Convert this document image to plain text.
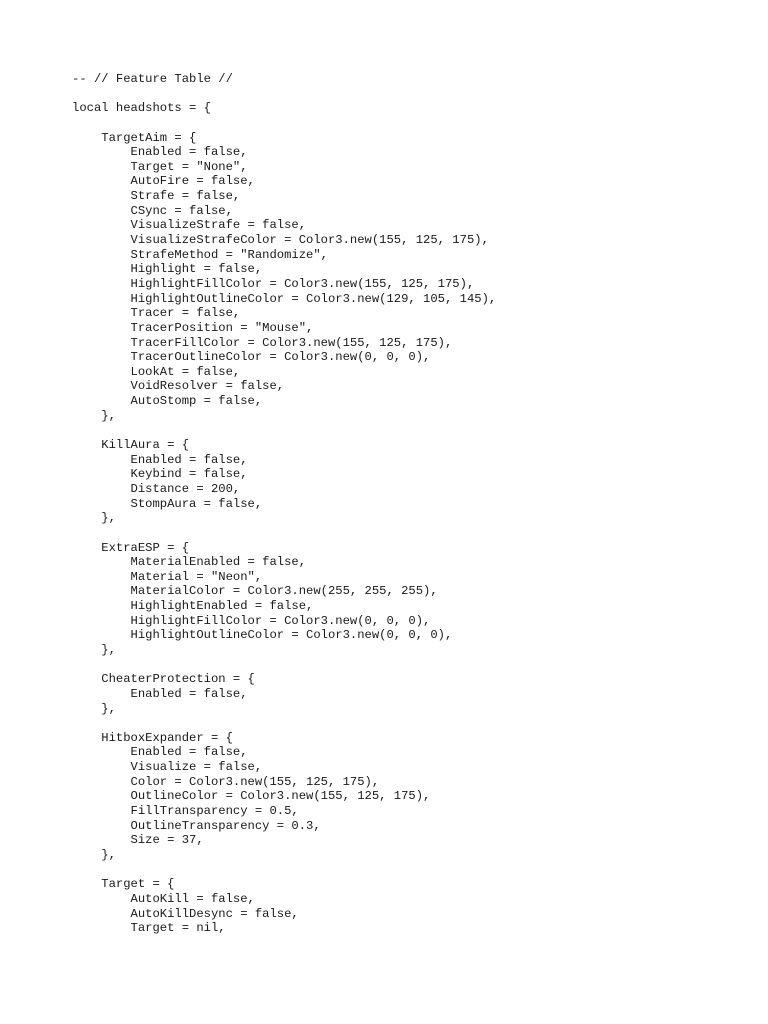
-- // Feature Table //
local headshots = {
TargetAim = {
Enabled = false,
Target = "None",
AutoFire = false,
Strafe = false,
CSync = false,
VisualizeStrafe = false,
VisualizeStrafeColor = Color3.new(155, 125, 175),
StrafeMethod = "Randomize",
Highlight = false,
HighlightFillColor = Color3.new(155, 125, 175),
HighlightOutlineColor = Color3.new(129, 105, 145),
Tracer = false,
TracerPosition = "Mouse",
TracerFillColor = Color3.new(155, 125, 175),
TracerOutlineColor = Color3.new(0, 0, 0),
LookAt = false,
VoidResolver = false,
AutoStomp = false,
},
KillAura = {
Enabled = false,
Keybind = false,
Distance = 200,
StompAura = false,
},
ExtraESP = {
MaterialEnabled = false,
Material = "Neon",
MaterialColor = Color3.new(255, 255, 255),
HighlightEnabled = false,
HighlightFillColor = Color3.new(0, 0, 0),
HighlightOutlineColor = Color3.new(0, 0, 0),
},
CheaterProtection = {
Enabled = false,
},
HitboxExpander = {
Enabled = false,
Visualize = false,
Color = Color3.new(155, 125, 175),
OutlineColor = Color3.new(155, 125, 175),
FillTransparency = 0.5,
OutlineTransparency = 0.3,
Size = 37,
},
Target = {
AutoKill = false,
AutoKillDesync = false,
Target = nil,
